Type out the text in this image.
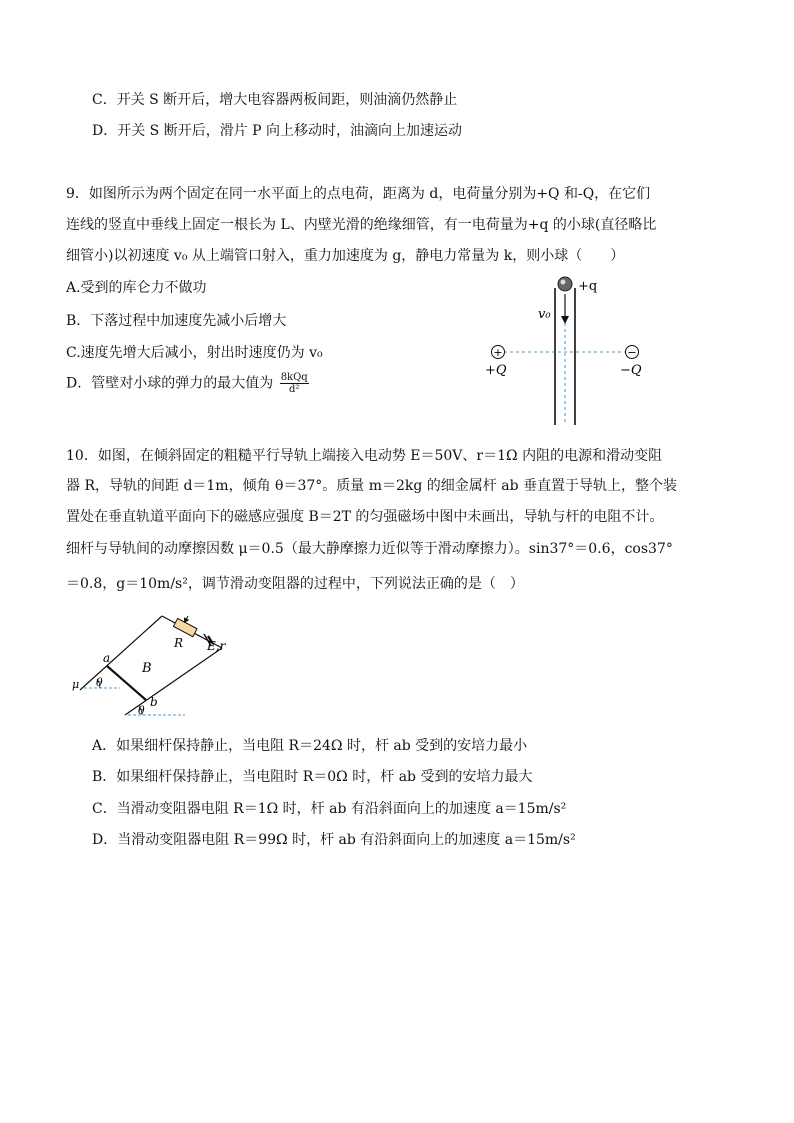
C．开关 S 断开后，增大电容器两板间距，则油滴仍然静止
D．开关 S 断开后，滑片 P 向上移动时，油滴向上加速运动
9．如图所示为两个固定在同一水平面上的点电荷，距离为 d，电荷量分别为+Q 和-Q，在它们
连线的竖直中垂线上固定一根长为 L、内壁光滑的绝缘细管，有一电荷量为+q 的小球(直径略比
细管小)以初速度 v₀ 从上端管口射入，重力加速度为 g，静电力常量为 k，则小球（　　）
A.受到的库仑力不做功
B．下落过程中加速度先减小后增大
C.速度先增大后减小，射出时速度仍为 v₀
D．管壁对小球的弹力的最大值为 $\frac{\text{8kQq}}{\text{d²}}$
+q
v₀
+
+Q
−
−Q
10．如图，在倾斜固定的粗糙平行导轨上端接入电动势 E＝50V、r＝1Ω 内阻的电源和滑动变阻
器 R，导轨的间距 d＝1m，倾角 θ＝37°。质量 m＝2kg 的细金属杆 ab 垂直置于导轨上，整个装
置处在垂直轨道平面向下的磁感应强度 B＝2T 的匀强磁场中图中未画出，导轨与杆的电阻不计。
细杆与导轨间的动摩擦因数 μ＝0.5（最大静摩擦力近似等于滑动摩擦力）。sin37°＝0.6，cos37°
＝0.8，g＝10m/s²，调节滑动变阻器的过程中，下列说法正确的是（　）
R E,r
a
b
B
μ θ
θ
A．如果细杆保持静止，当电阻 R＝24Ω 时，杆 ab 受到的安培力最小
B．如果细杆保持静止，当电阻时 R＝0Ω 时，杆 ab 受到的安培力最大
C．当滑动变阻器电阻 R＝1Ω 时，杆 ab 有沿斜面向上的加速度 a＝15m/s²
D．当滑动变阻器电阻 R＝99Ω 时，杆 ab 有沿斜面向上的加速度 a＝15m/s²
